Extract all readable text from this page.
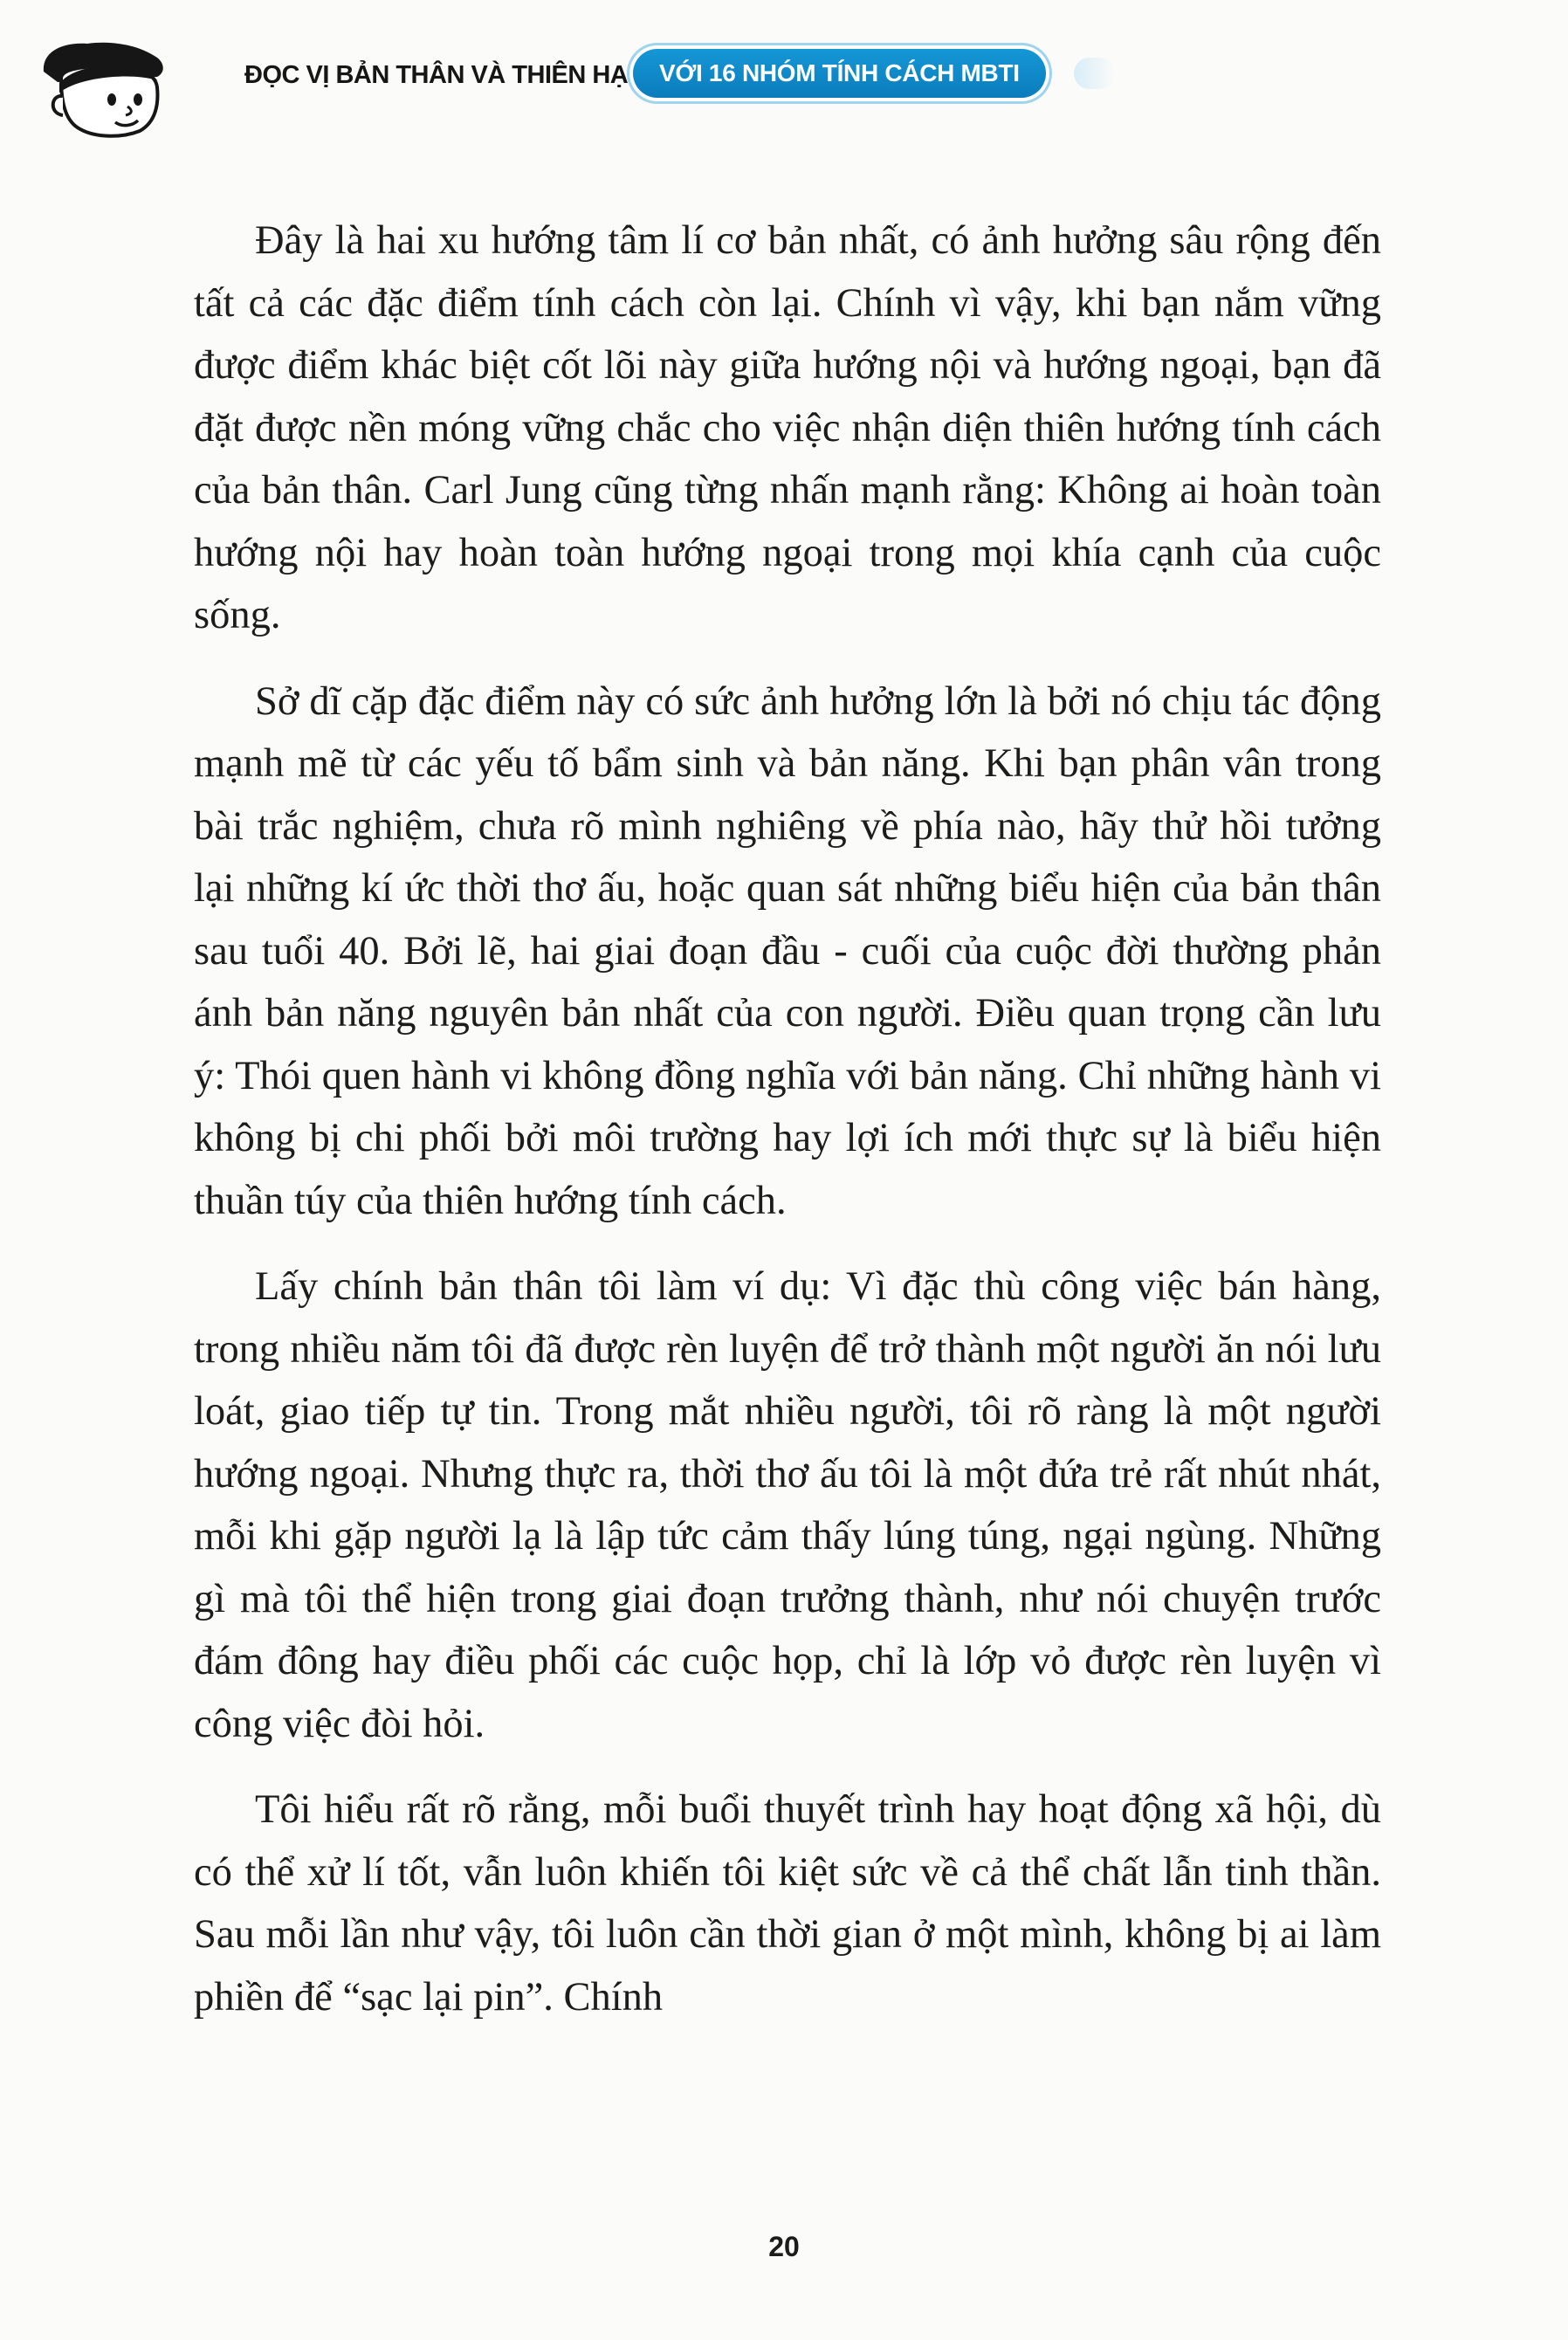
ĐỌC VỊ BẢN THÂN VÀ THIÊN HẠ	VỚI 16 NHÓM TÍNH CÁCH MBTI

Đây là hai xu hướng tâm lí cơ bản nhất, có ảnh hưởng sâu rộng đến tất cả các đặc điểm tính cách còn lại. Chính vì vậy, khi bạn nắm vững được điểm khác biệt cốt lõi này giữa hướng nội và hướng ngoại, bạn đã đặt được nền móng vững chắc cho việc nhận diện thiên hướng tính cách của bản thân. Carl Jung cũng từng nhấn mạnh rằng: Không ai hoàn toàn hướng nội hay hoàn toàn hướng ngoại trong mọi khía cạnh của cuộc sống.

Sở dĩ cặp đặc điểm này có sức ảnh hưởng lớn là bởi nó chịu tác động mạnh mẽ từ các yếu tố bẩm sinh và bản năng. Khi bạn phân vân trong bài trắc nghiệm, chưa rõ mình nghiêng về phía nào, hãy thử hồi tưởng lại những kí ức thời thơ ấu, hoặc quan sát những biểu hiện của bản thân sau tuổi 40. Bởi lẽ, hai giai đoạn đầu - cuối của cuộc đời thường phản ánh bản năng nguyên bản nhất của con người. Điều quan trọng cần lưu ý: Thói quen hành vi không đồng nghĩa với bản năng. Chỉ những hành vi không bị chi phối bởi môi trường hay lợi ích mới thực sự là biểu hiện thuần túy của thiên hướng tính cách.

Lấy chính bản thân tôi làm ví dụ: Vì đặc thù công việc bán hàng, trong nhiều năm tôi đã được rèn luyện để trở thành một người ăn nói lưu loát, giao tiếp tự tin. Trong mắt nhiều người, tôi rõ ràng là một người hướng ngoại. Nhưng thực ra, thời thơ ấu tôi là một đứa trẻ rất nhút nhát, mỗi khi gặp người lạ là lập tức cảm thấy lúng túng, ngại ngùng. Những gì mà tôi thể hiện trong giai đoạn trưởng thành, như nói chuyện trước đám đông hay điều phối các cuộc họp, chỉ là lớp vỏ được rèn luyện vì công việc đòi hỏi.

Tôi hiểu rất rõ rằng, mỗi buổi thuyết trình hay hoạt động xã hội, dù có thể xử lí tốt, vẫn luôn khiến tôi kiệt sức về cả thể chất lẫn tinh thần. Sau mỗi lần như vậy, tôi luôn cần thời gian ở một mình, không bị ai làm phiền để “sạc lại pin”. Chính

20
